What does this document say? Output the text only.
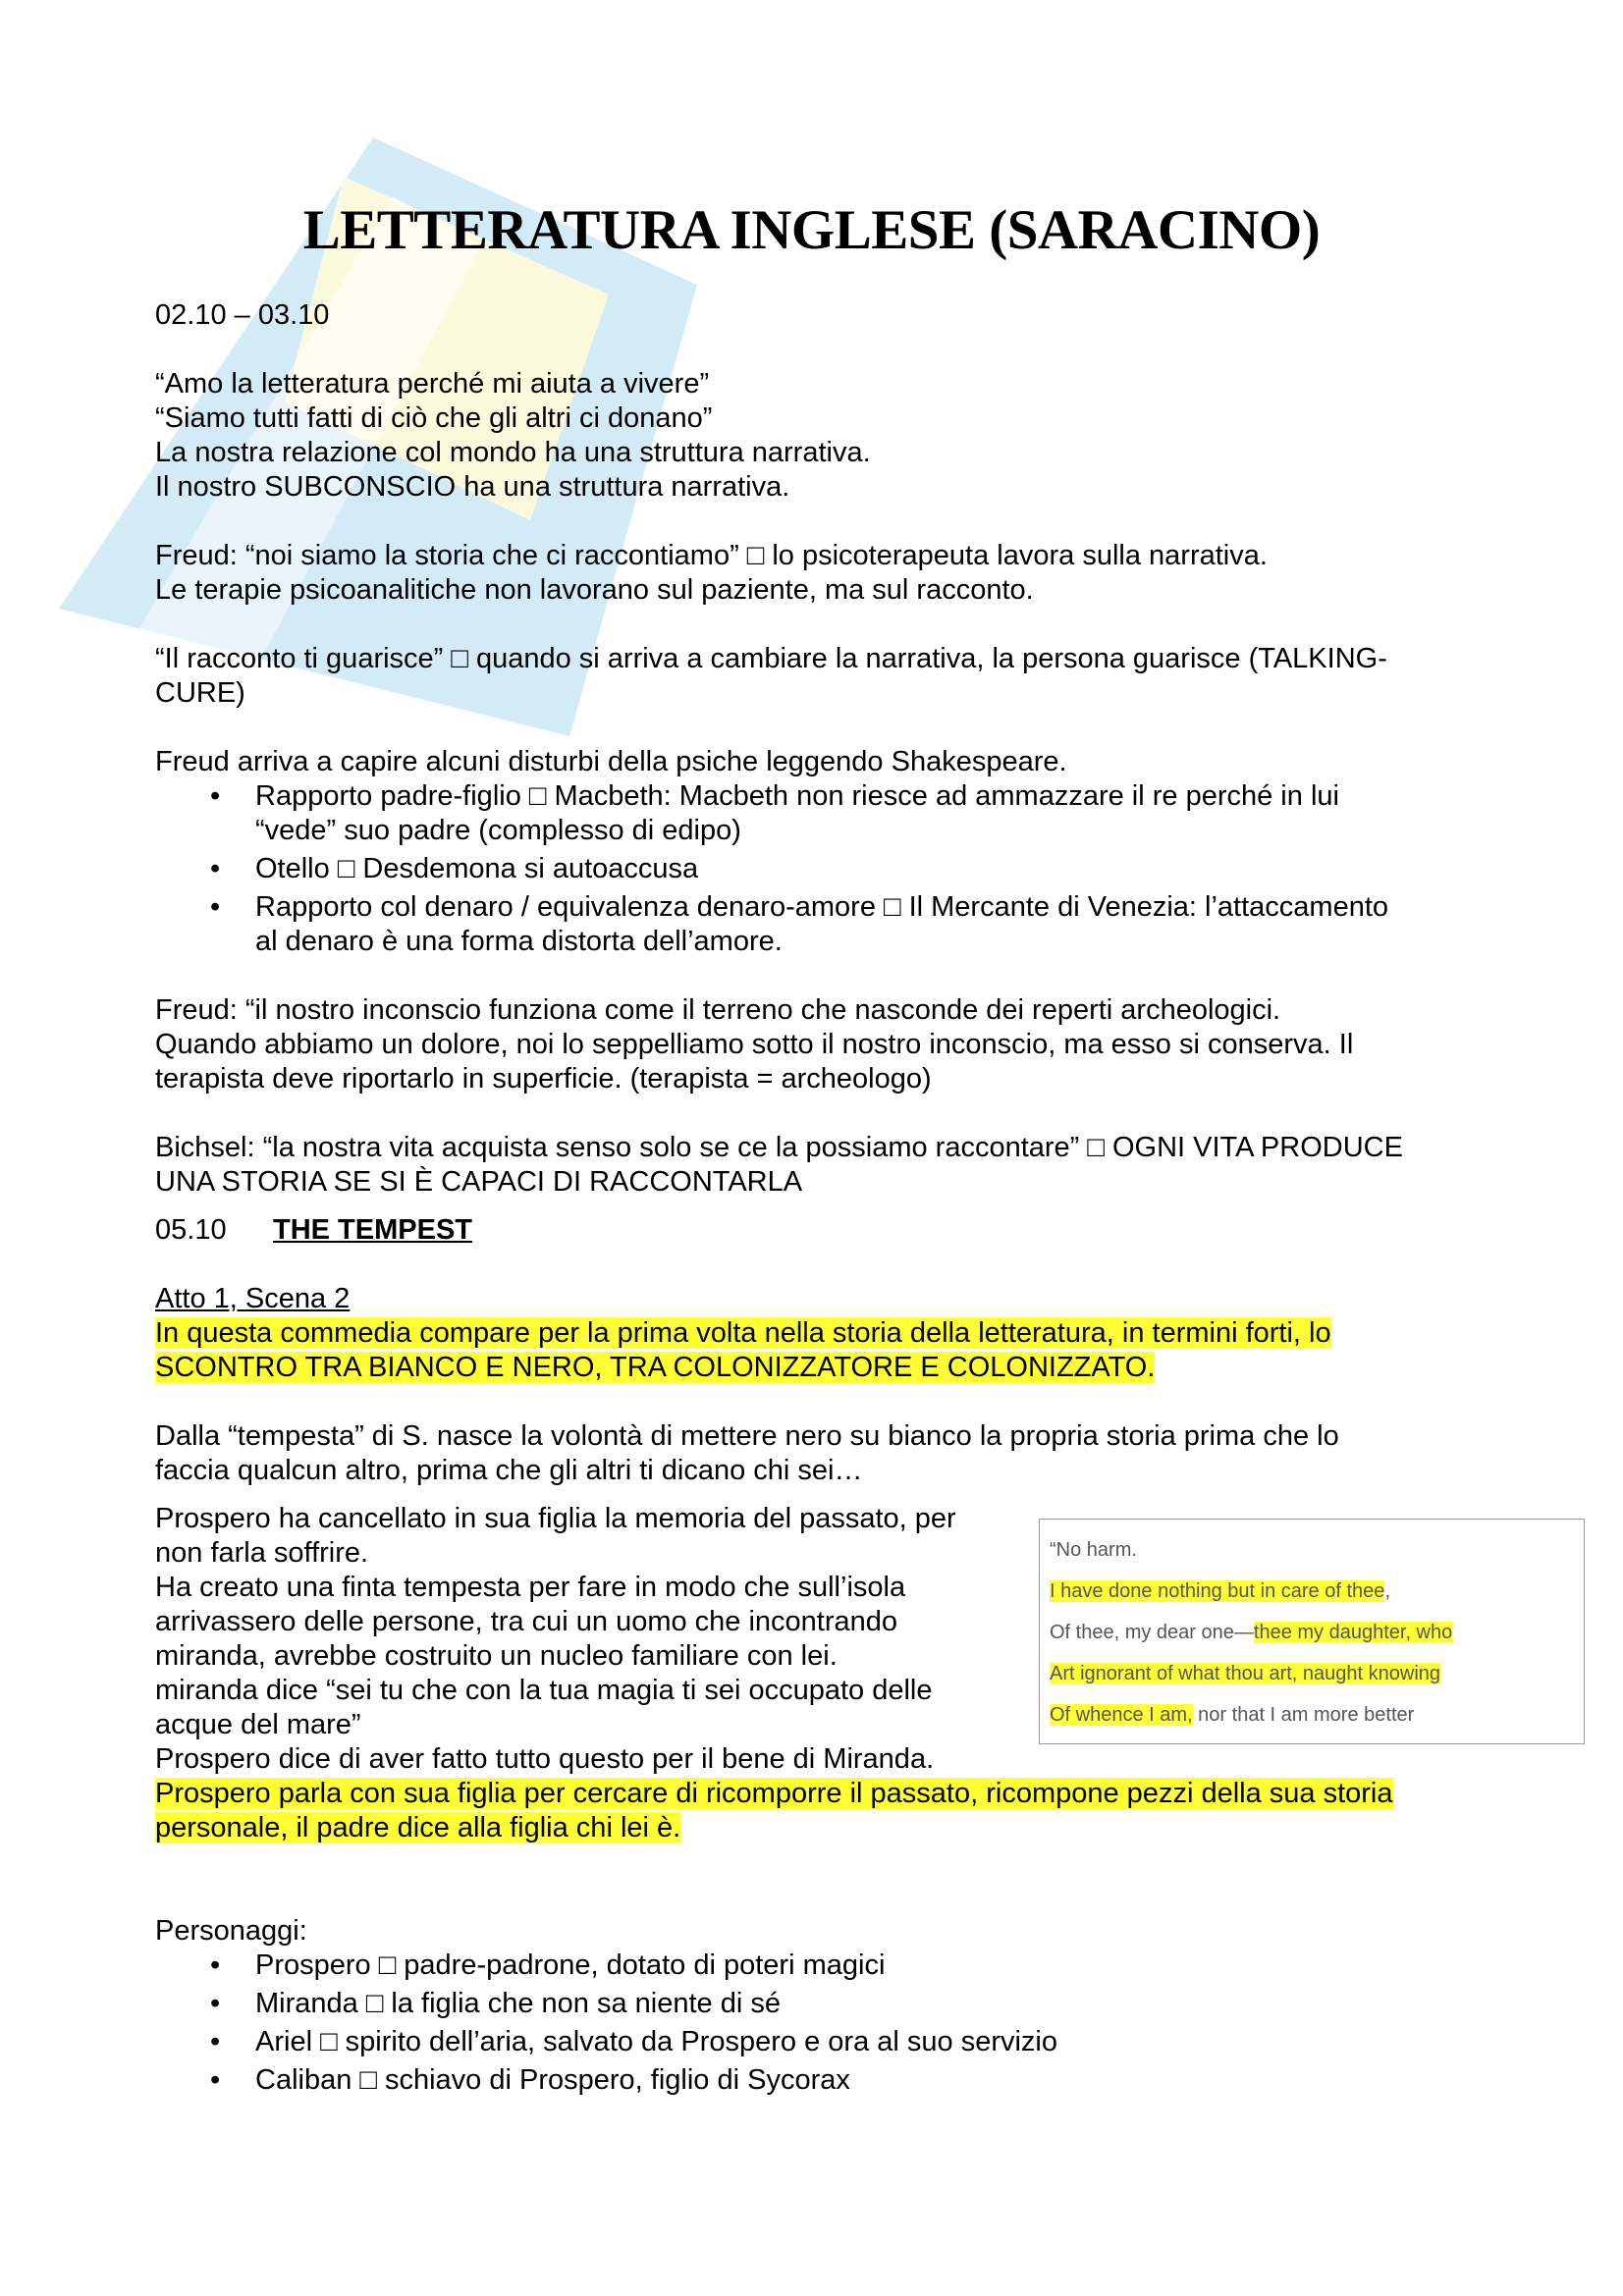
LETTERATURA INGLESE (SARACINO)

02.10 – 03.10

“Amo la letteratura perché mi aiuta a vivere”

“Siamo tutti fatti di ciò che gli altri ci donano”

La nostra relazione col mondo ha una struttura narrativa.

Il nostro SUBCONSCIO ha una struttura narrativa.

Freud: “noi siamo la storia che ci raccontiamo” □ lo psicoterapeuta lavora sulla narrativa.

Le terapie psicoanalitiche non lavorano sul paziente, ma sul racconto.

“Il racconto ti guarisce” □ quando si arriva a cambiare la narrativa, la persona guarisce (TALKING-

CURE)

Freud arriva a capire alcuni disturbi della psiche leggendo Shakespeare.

• Rapporto padre-figlio □ Macbeth: Macbeth non riesce ad ammazzare il re perché in lui
“vede” suo padre (complesso di edipo)
• Otello □ Desdemona si autoaccusa
• Rapporto col denaro / equivalenza denaro-amore □ Il Mercante di Venezia: l’attaccamento
al denaro è una forma distorta dell’amore.

Freud: “il nostro inconscio funziona come il terreno che nasconde dei reperti archeologici.

Quando abbiamo un dolore, noi lo seppelliamo sotto il nostro inconscio, ma esso si conserva. Il

terapista deve riportarlo in superficie. (terapista = archeologo)

Bichsel: “la nostra vita acquista senso solo se ce la possiamo raccontare” □ OGNI VITA PRODUCE

UNA STORIA SE SI È CAPACI DI RACCONTARLA

05.10 THE TEMPEST

Atto 1, Scena 2

In questa commedia compare per la prima volta nella storia della letteratura, in termini forti, lo

SCONTRO TRA BIANCO E NERO, TRA COLONIZZATORE E COLONIZZATO.

Dalla “tempesta” di S. nasce la volontà di mettere nero su bianco la propria storia prima che lo

faccia qualcun altro, prima che gli altri ti dicano chi sei…

Prospero ha cancellato in sua figlia la memoria del passato, per

non farla soffrire.

Ha creato una finta tempesta per fare in modo che sull’isola

arrivassero delle persone, tra cui un uomo che incontrando

miranda, avrebbe costruito un nucleo familiare con lei.

miranda dice “sei tu che con la tua magia ti sei occupato delle

acque del mare”

Prospero dice di aver fatto tutto questo per il bene di Miranda.

“No harm.
I have done nothing but in care of thee,
Of thee, my dear one—thee my daughter, who
Art ignorant of what thou art, naught knowing
Of whence I am, nor that I am more better

Prospero parla con sua figlia per cercare di ricomporre il passato, ricompone pezzi della sua storia

personale, il padre dice alla figlia chi lei è.

Personaggi:

• Prospero □ padre-padrone, dotato di poteri magici
• Miranda □ la figlia che non sa niente di sé
• Ariel □ spirito dell’aria, salvato da Prospero e ora al suo servizio
• Caliban □ schiavo di Prospero, figlio di Sycorax
